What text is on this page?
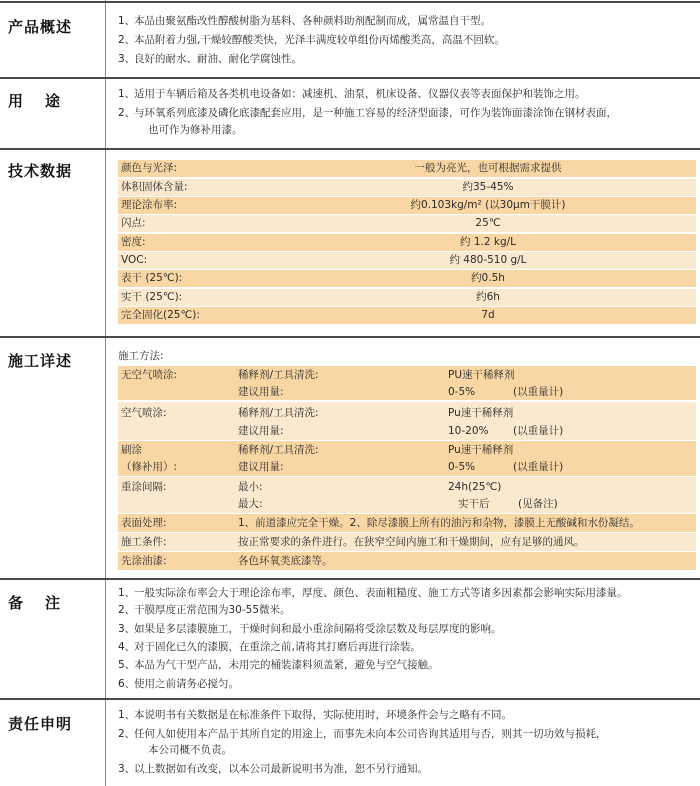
产品概述	1、本品由聚氨酯改性醇酸树脂为基料、各种颜料助剂配制而成，属常温自干型。
2、本品附着力强,干燥较醇酸类快，光泽丰满度较单组份丙烯酸类高，高温不回软。
3、良好的耐水、耐油、耐化学腐蚀性。
用途	1、适用于车辆后箱及各类机电设备如：减速机、油泵，机床设备、仪器仪表等表面保护和装饰之用。
2、与环氧系列底漆及磷化底漆配套应用，是一种施工容易的经济型面漆，可作为装饰面漆涂饰在钢材表面，
也可作为修补用漆。
技术数据	颜色与光泽:	一般为亮光，也可根据需求提供
体积固体含量:	约35-45%
理论涂布率:	约0.103kg/m² (以30μm干膜计)
闪点:	25℃
密度:	约 1.2 kg/L
VOC:	约 480-510 g/L
表干 (25℃):	约0.5h
实干 (25℃):	约6h
完全固化(25℃):	7d
施工详述	施工方法:
无空气喷涂:	稀释剂/工具清洗:	PU速干稀释剂
建议用量:	0-5%	(以重量计)
空气喷涂:	稀释剂/工具清洗:	Pu速干稀释剂
建议用量:	10-20% (以重量计)
刷涂
（修补用）:
稀释剂/工具清洗:	Pu速干稀释剂
建议用量:	0-5%	(以重量计)
重涂间隔:	最小:	24h(25℃)
最大:	实干后	(见备注)
表面处理:	1、前道漆应完全干燥。2、除尽漆膜上所有的油污和杂物，漆膜上无酸碱和水份凝结。
施工条件:	按正常要求的条件进行。在狭窄空间内施工和干燥期间，应有足够的通风。
先涂油漆:	各色环氧类底漆等。
备注
1、一般实际涂布率会大于理论涂布率，厚度、颜色、表面粗糙度、施工方式等诸多因素都会影响实际用漆量。
2、干膜厚度正常范围为30-55微米。
3、如果是多层漆膜施工，干燥时间和最小重涂间隔将受涂层数及每层厚度的影响。
4、对于固化已久的漆膜，在重涂之前,请将其打磨后再进行涂装。
5、本品为气干型产品，未用完的桶装漆料须盖紧，避免与空气接触。
6、使用之前请务必搅匀。
责任申明	1、本说明书有关数据是在标准条件下取得，实际使用时，环境条件会与之略有不同。
2、任何人如使用本产品于其所自定的用途上，而事先未向本公司咨询其适用与否，则其一切功效与损耗，
本公司概不负责。
3、以上数据如有改变，以本公司最新说明书为准，恕不另行通知。
